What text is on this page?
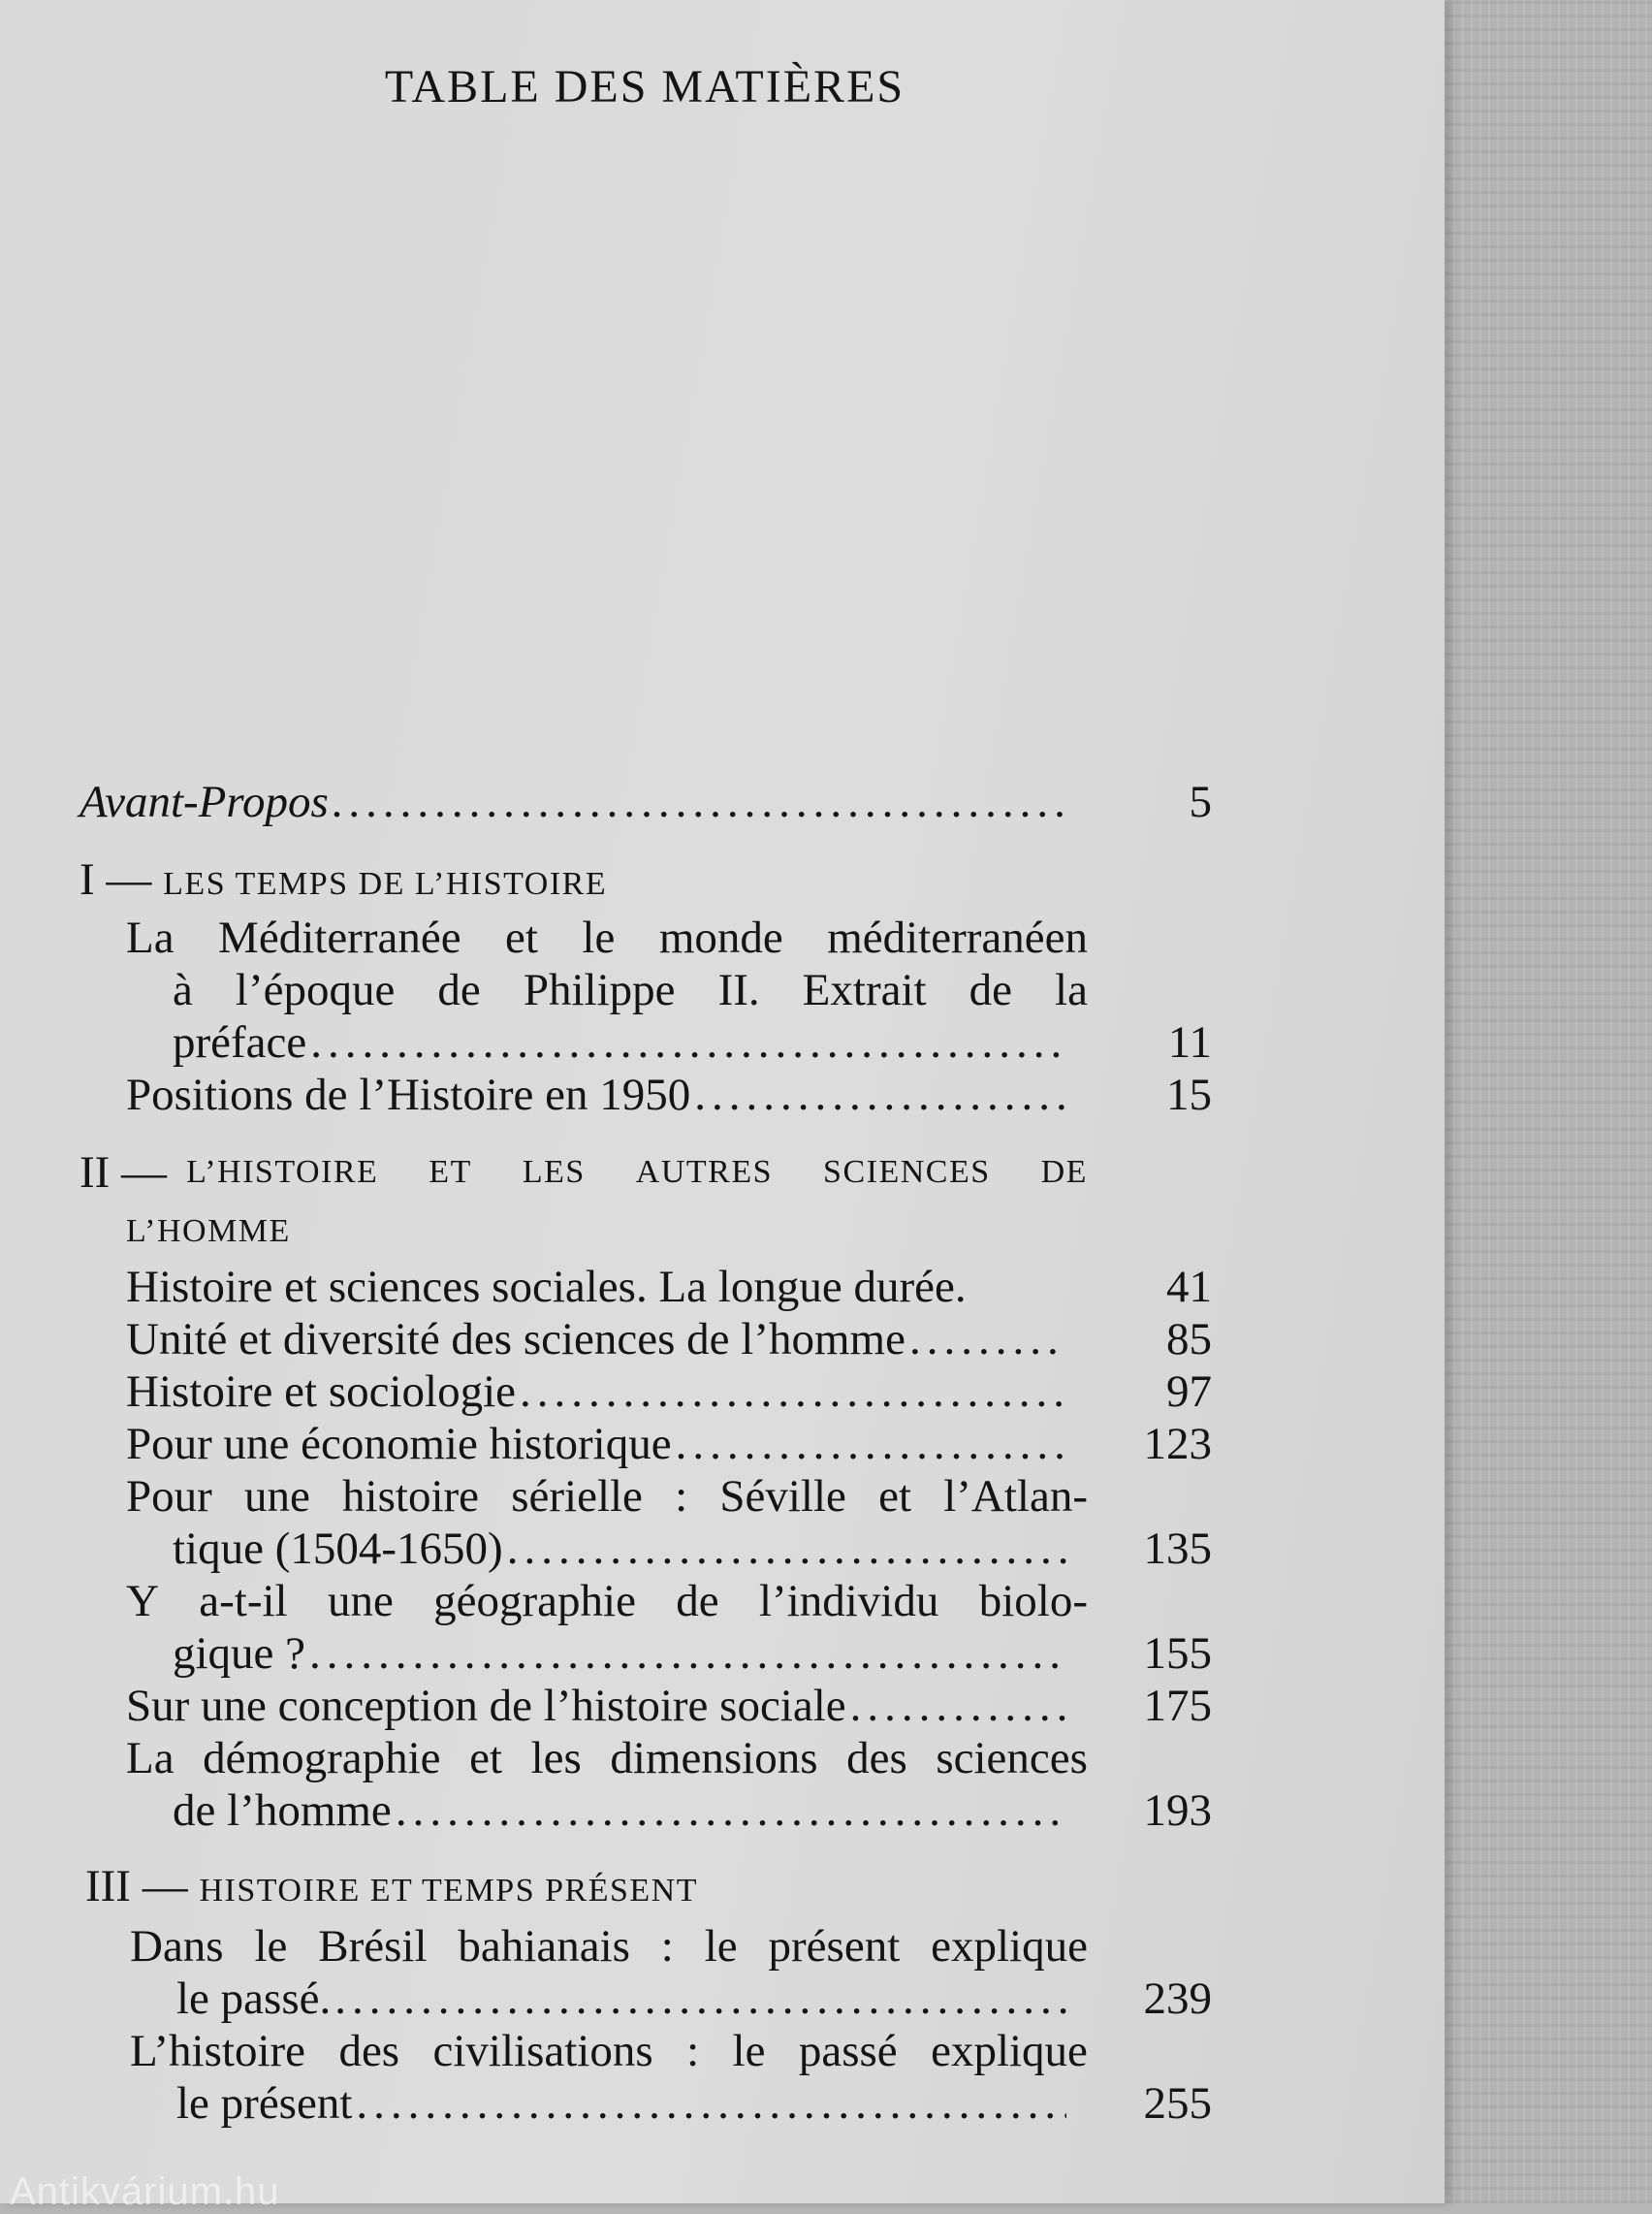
TABLE DES MATIÈRES
Avant-Propos .....	5
I — LES TEMPS DE L’HISTOIRE
La Méditerranée et le monde méditerranéen
à l’époque de Philippe II. Extrait de la
préface .....	11
Positions de l’Histoire en 1950 .....	15
II — L’HISTOIRE ET LES AUTRES SCIENCES DE
L’HOMME
Histoire et sciences sociales. La longue durée.	41
Unité et diversité des sciences de l’homme .....	85
Histoire et sociologie .....	97
Pour une économie historique .....	123
Pour une histoire sérielle : Séville et l’Atlan-
tique (1504-1650) .....	135
Y a-t-il une géographie de l’individu biolo-
gique ? .....	155
Sur une conception de l’histoire sociale .....	175
La démographie et les dimensions des sciences
de l’homme .....	193
III — HISTOIRE ET TEMPS PRÉSENT
Dans le Brésil bahianais : le présent explique
le passé. .....	239
L’histoire des civilisations : le passé explique
le présent .....	255
Antikvárium.hu
